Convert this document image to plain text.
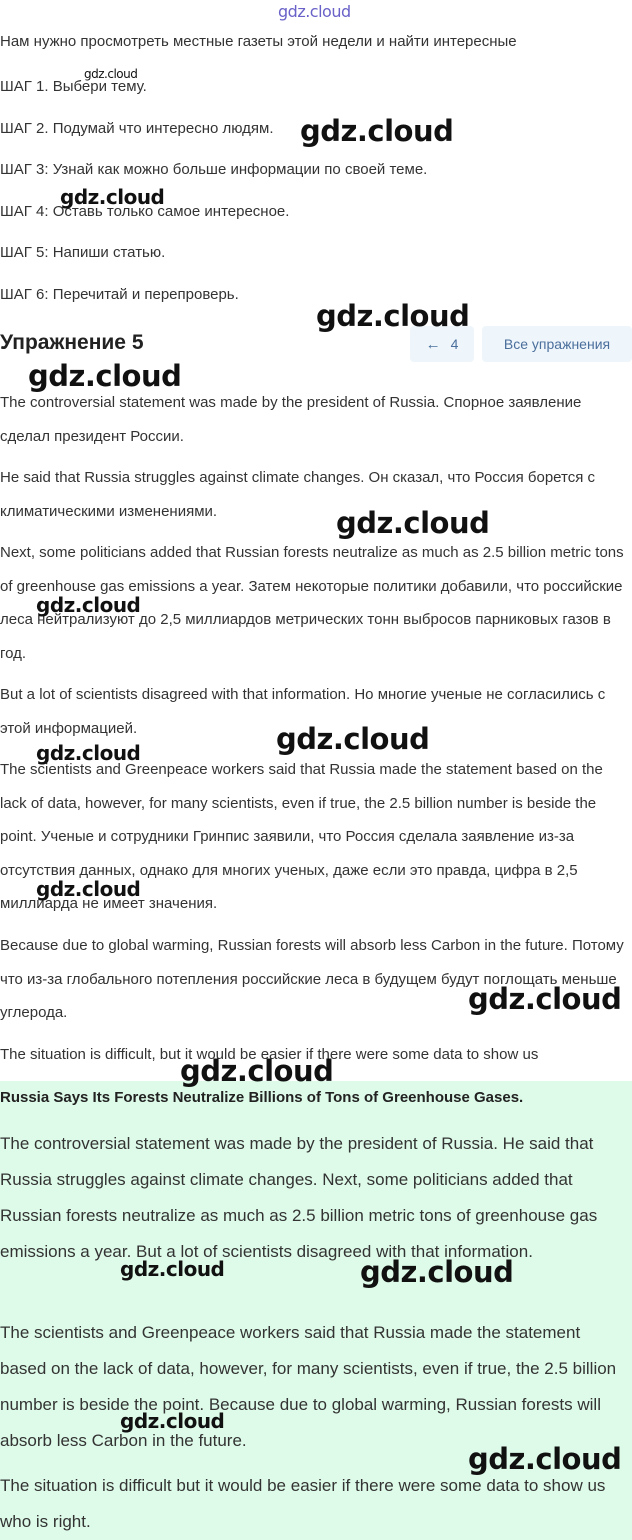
gdz.cloud
Нам нужно просмотреть местные газеты этой недели и найти интересные
ШАГ 1. Выбери тему.
ШАГ 2. Подумай что интересно людям.
ШАГ 3: Узнай как можно больше информации по своей теме.
ШАГ 4: Оставь только самое интересное.
ШАГ 5: Напиши статью.
ШАГ 6: Перечитай и перепроверь.
Упражнение 5	← 4	Все упражнения
The controversial statement was made by the president of Russia. Спорное заявление сделал президент России.
He said that Russia struggles against climate changes. Он сказал, что Россия борется с климатическими изменениями.
Next, some politicians added that Russian forests neutralize as much as 2.5 billion metric tons of greenhouse gas emissions a year. Затем некоторые политики добавили, что российские леса нейтрализуют до 2,5 миллиардов метрических тонн выбросов парниковых газов в год.
But a lot of scientists disagreed with that information. Но многие ученые не согласились с этой информацией.
The scientists and Greenpeace workers said that Russia made the statement based on the lack of data, however, for many scientists, even if true, the 2.5 billion number is beside the point. Ученые и сотрудники Гринпис заявили, что Россия сделала заявление из-за отсутствия данных, однако для многих ученых, даже если это правда, цифра в 2,5 миллиарда не имеет значения.
Because due to global warming, Russian forests will absorb less Carbon in the future. Потому что из-за глобального потепления российские леса в будущем будут поглощать меньше углерода.
The situation is difficult, but it would be easier if there were some data to show us
Russia Says Its Forests Neutralize Billions of Tons of Greenhouse Gases.
The controversial statement was made by the president of Russia. He said that Russia struggles against climate changes. Next, some politicians added that Russian forests neutralize as much as 2.5 billion metric tons of greenhouse gas emissions a year. But a lot of scientists disagreed with that information.
The scientists and Greenpeace workers said that Russia made the statement based on the lack of data, however, for many scientists, even if true, the 2.5 billion number is beside the point. Because due to global warming, Russian forests will absorb less Carbon in the future.
The situation is difficult but it would be easier if there were some data to show us who is right.
gdz.cloud
gdz.cloud
gdz.cloud
gdz.cloud
gdz.cloud
gdz.cloud
gdz.cloud
gdz.cloud
gdz.cloud
gdz.cloud
gdz.cloud
gdz.cloud
gdz.cloud	gdz.cloud
gdz.cloud
gdz.cloud
